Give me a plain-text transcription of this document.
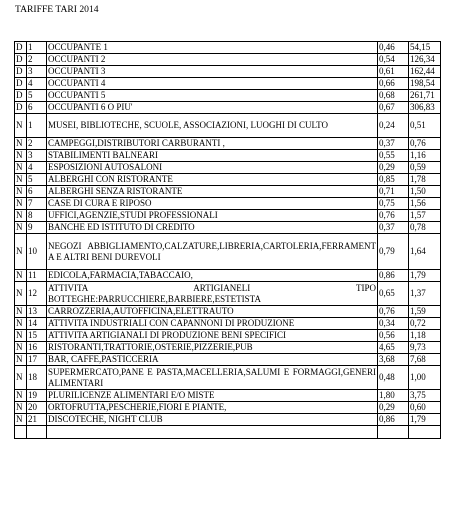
TARIFFE TARI 2014
D	1	OCCUPANTE 1	0,46	54,15
D	2	OCCUPANTI 2	0,54	126,34
D	3	OCCUPANTI 3	0,61	162,44
D	4	OCCUPANTI 4	0,66	198,54
D	5	OCCUPANTI 5	0,68	261,71
D	6	OCCUPANTI 6 O PIU'	0,67	306,83
N	1	MUSEI, BIBLIOTECHE, SCUOLE, ASSOCIAZIONI, LUOGHI DI CULTO	0,24	0,51
N	2	CAMPEGGI,DISTRIBUTORI CARBURANTI ,	0,37	0,76
N	3	STABILIMENTI BALNEARI	0,55	1,16
N	4	ESPOSIZIONI AUTOSALONI	0,29	0,59
N	5	ALBERGHI CON RISTORANTE	0,85	1,78
N	6	ALBERGHI SENZA RISTORANTE	0,71	1,50
N	7	CASE DI CURA E RIPOSO	0,75	1,56
N	8	UFFICI,AGENZIE,STUDI PROFESSIONALI	0,76	1,57
N	9	BANCHE ED ISTITUTO DI CREDITO	0,37	0,78
N	10	NEGOZI ABBIGLIAMENTO,CALZATURE,LIBRERIA,CARTOLERIA,FERRAMENTA E ALTRI BENI DUREVOLI	0,79	1,64
N	11	EDICOLA,FARMACIA,TABACCAIO,	0,86	1,79
N	12	ATTIVITA ARTIGIANELI TIPO BOTTEGHE:PARRUCCHIERE,BARBIERE,ESTETISTA	0,65	1,37
N	13	CARROZZERIA,AUTOFFICINA,ELETTRAUTO	0,76	1,59
N	14	ATTIVITA INDUSTRIALI CON CAPANNONI DI PRODUZIONE	0,34	0,72
N	15	ATTIVITA ARTIGIANALI DI PRODUZIONE BENI SPECIFICI	0,56	1,18
N	16	RISTORANTI,TRATTORIE,OSTERIE,PIZZERIE,PUB	4,65	9,73
N	17	BAR, CAFFE,PASTICCERIA	3,68	7,68
N	18	SUPERMERCATO,PANE E PASTA,MACELLERIA,SALUMI E FORMAGGI,GENERI ALIMENTARI	0,48	1,00
N	19	PLURILICENZE ALIMENTARI E/O MISTE	1,80	3,75
N	20	ORTOFRUTTA,PESCHERIE,FIORI E PIANTE,	0,29	0,60
N	21	DISCOTECHE, NIGHT CLUB	0,86	1,79
